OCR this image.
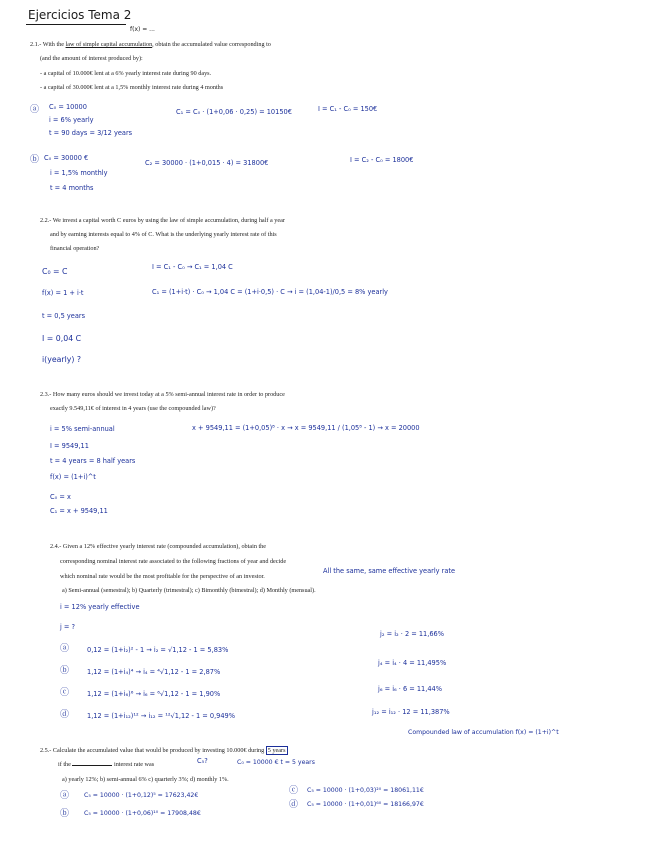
Ejercicios Tema 2
f(x) = ...
2.1.- With the law of simple capital accumulation, obtain the accumulated value corresponding to
(and the amount of interest produced by):
- a capital of 10.000€ lent at a 6% yearly interest rate during 90 days.
- a capital of 30.000€ lent at a 1,5% monthly interest rate during 4 months
ⓐ C₀ = 10000
i = 6% yearly
t = 90 days = 3/12 years
C₁ = C₀ · (1+0,06 · 0,25) = 10150€	I = C₁ - C₀ = 150€
ⓑ C₀ = 30000 €
i = 1,5% monthly
t = 4 months
C₂ = 30000 · (1+0,015 · 4) = 31800€	I = C₂ - C₀ = 1800€
2.2.- We invest a capital worth C euros by using the law of simple accumulation, during half a year
and by earning interests equal to 4% of C. What is the underlying yearly interest rate of this
financial operation?
C₀ = C
f(x) = 1 + i·t
t = 0,5 years
I = 0,04 C
i(yearly) ?
I = C₁ - C₀ → C₁ = 1,04 C
C₁ = (1+i·t) · C₀ → 1,04 C = (1+i·0,5) · C → i = (1,04-1)/0,5 = 8% yearly
2.3.- How many euros should we invest today at a 5% semi-annual interest rate in order to produce
exactly 9.549,11€ of interest in 4 years (use the compounded law)?
i = 5% semi-annual
I = 9549,11
t = 4 years = 8 half years
f(x) = (1+i)^t
C₀ = x
C₁ = x + 9549,11
x + 9549,11 = (1+0,05)⁸ · x → x = 9549,11 / (1,05⁸ - 1) → x = 20000
2.4.- Given a 12% effective yearly interest rate (compounded accumulation), obtain the
corresponding nominal interest rate associated to the following fractions of year and decide
which nominal rate would be the most profitable for the perspective of an investor.
All the same, same effective yearly rate
a) Semi-annual (semestral); b) Quarterly (trimestral); c) Bimonthly (bimestral); d) Monthly (mensual).
i = 12% yearly effective
j = ?
ⓐ	0,12 = (1+i₂)² - 1 → i₂ = √1,12 - 1 = 5,83%
j₂ = i₂ · 2 = 11,66%
ⓑ	1,12 = (1+i₄)⁴ → i₄ = ⁴√1,12 - 1 = 2,87%
j₄ = i₄ · 4 = 11,495%
ⓒ	1,12 = (1+i₆)⁶ → i₆ = ⁶√1,12 - 1 = 1,90%
j₆ = i₆ · 6 = 11,44%
ⓓ	1,12 = (1+i₁₂)¹² → i₁₂ = ¹²√1,12 - 1 = 0,949%	j₁₂ = i₁₂ · 12 = 11,387%
Compounded law of accumulation f(x) = (1+i)^t
2.5.- Calculate the accumulated value that would be produced by investing 10.000€ during 5 years
if the	interest rate was	C₅?	C₀ = 10000 € t = 5 years
a) yearly 12%; b) semi-annual 6% c) quarterly 3%; d) monthly 1%.
ⓐ C₅ = 10000 · (1+0,12)⁵ = 17623,42€
ⓑ C₅ = 10000 · (1+0,06)¹⁰ = 17908,48€
ⓒ C₅ = 10000 · (1+0,03)²⁰ = 18061,11€
ⓓ C₅ = 10000 · (1+0,01)⁶⁰ = 18166,97€
